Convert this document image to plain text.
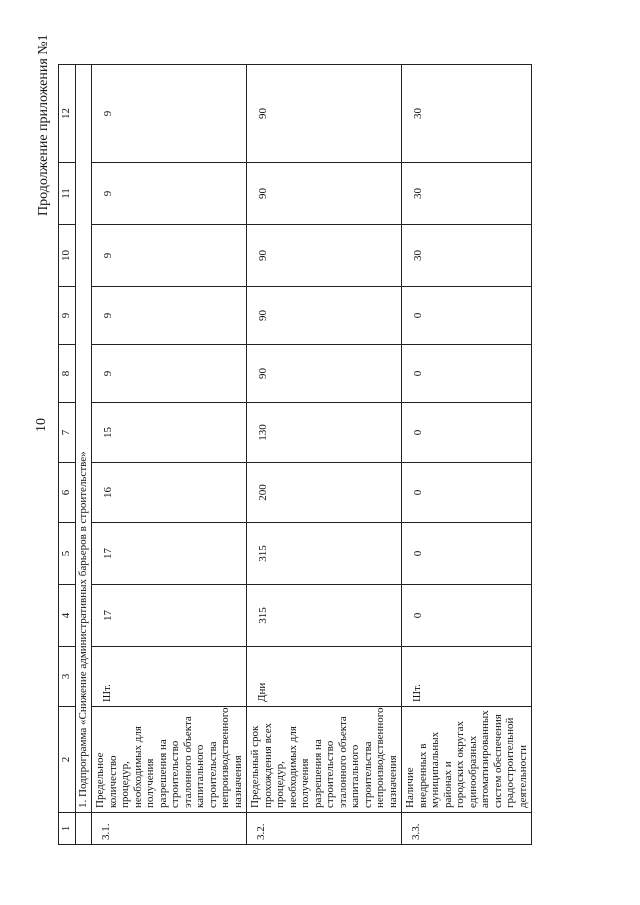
10
Продолжение приложения №1
1	2	3	4	5	6	7	8	9	10	11	12
	1. Подпрограмма «Снижение административных барьеров в строительстве»										
3.1.	Предельное количество процедур, необходимых для получения разрешения на строительство эталонного объекта капитального строительства непроизводственного назначения	Шт.	17	17	16	15	9	9	9	9	9
3.2.	Предельный срок прохождения всех процедур, необходимых для получения разрешения на строительство эталонного объекта капитального строительства непроизводственного назначения	Дни	315	315	200	130	90	90	90	90	90
3.3.	Наличие внедренных в муниципальных районах и городских округах единообразных автоматизированных систем обеспечения градостроительной деятельности	Шт.	0	0	0	0	0	0	30	30	30
